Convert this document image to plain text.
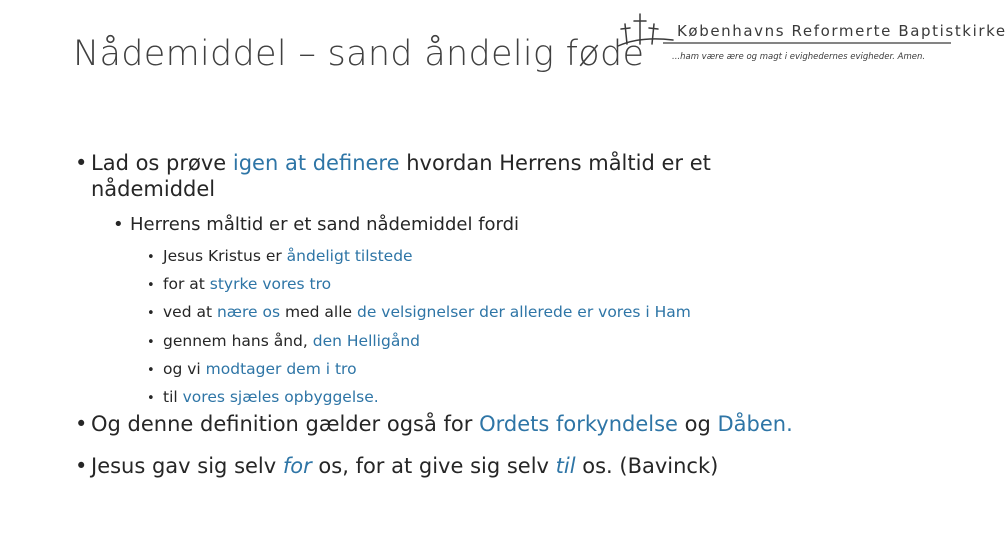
Nådemiddel – sand åndelig føde
Københavns Reformerte Baptistkirke
...ham være ære og magt i evighedernes evigheder. Amen.
• Lad os prøve igen at definere hvordan Herrens måltid er et nådemiddel
• Herrens måltid er et sand nådemiddel fordi
• Jesus Kristus er åndeligt tilstede
• for at styrke vores tro
• ved at nære os med alle de velsignelser der allerede er vores i Ham
• gennem hans ånd, den Helligånd
• og vi modtager dem i tro
• til vores sjæles opbyggelse.
• Og denne definition gælder også for Ordets forkyndelse og Dåben.
• Jesus gav sig selv for os, for at give sig selv til os. (Bavinck)
